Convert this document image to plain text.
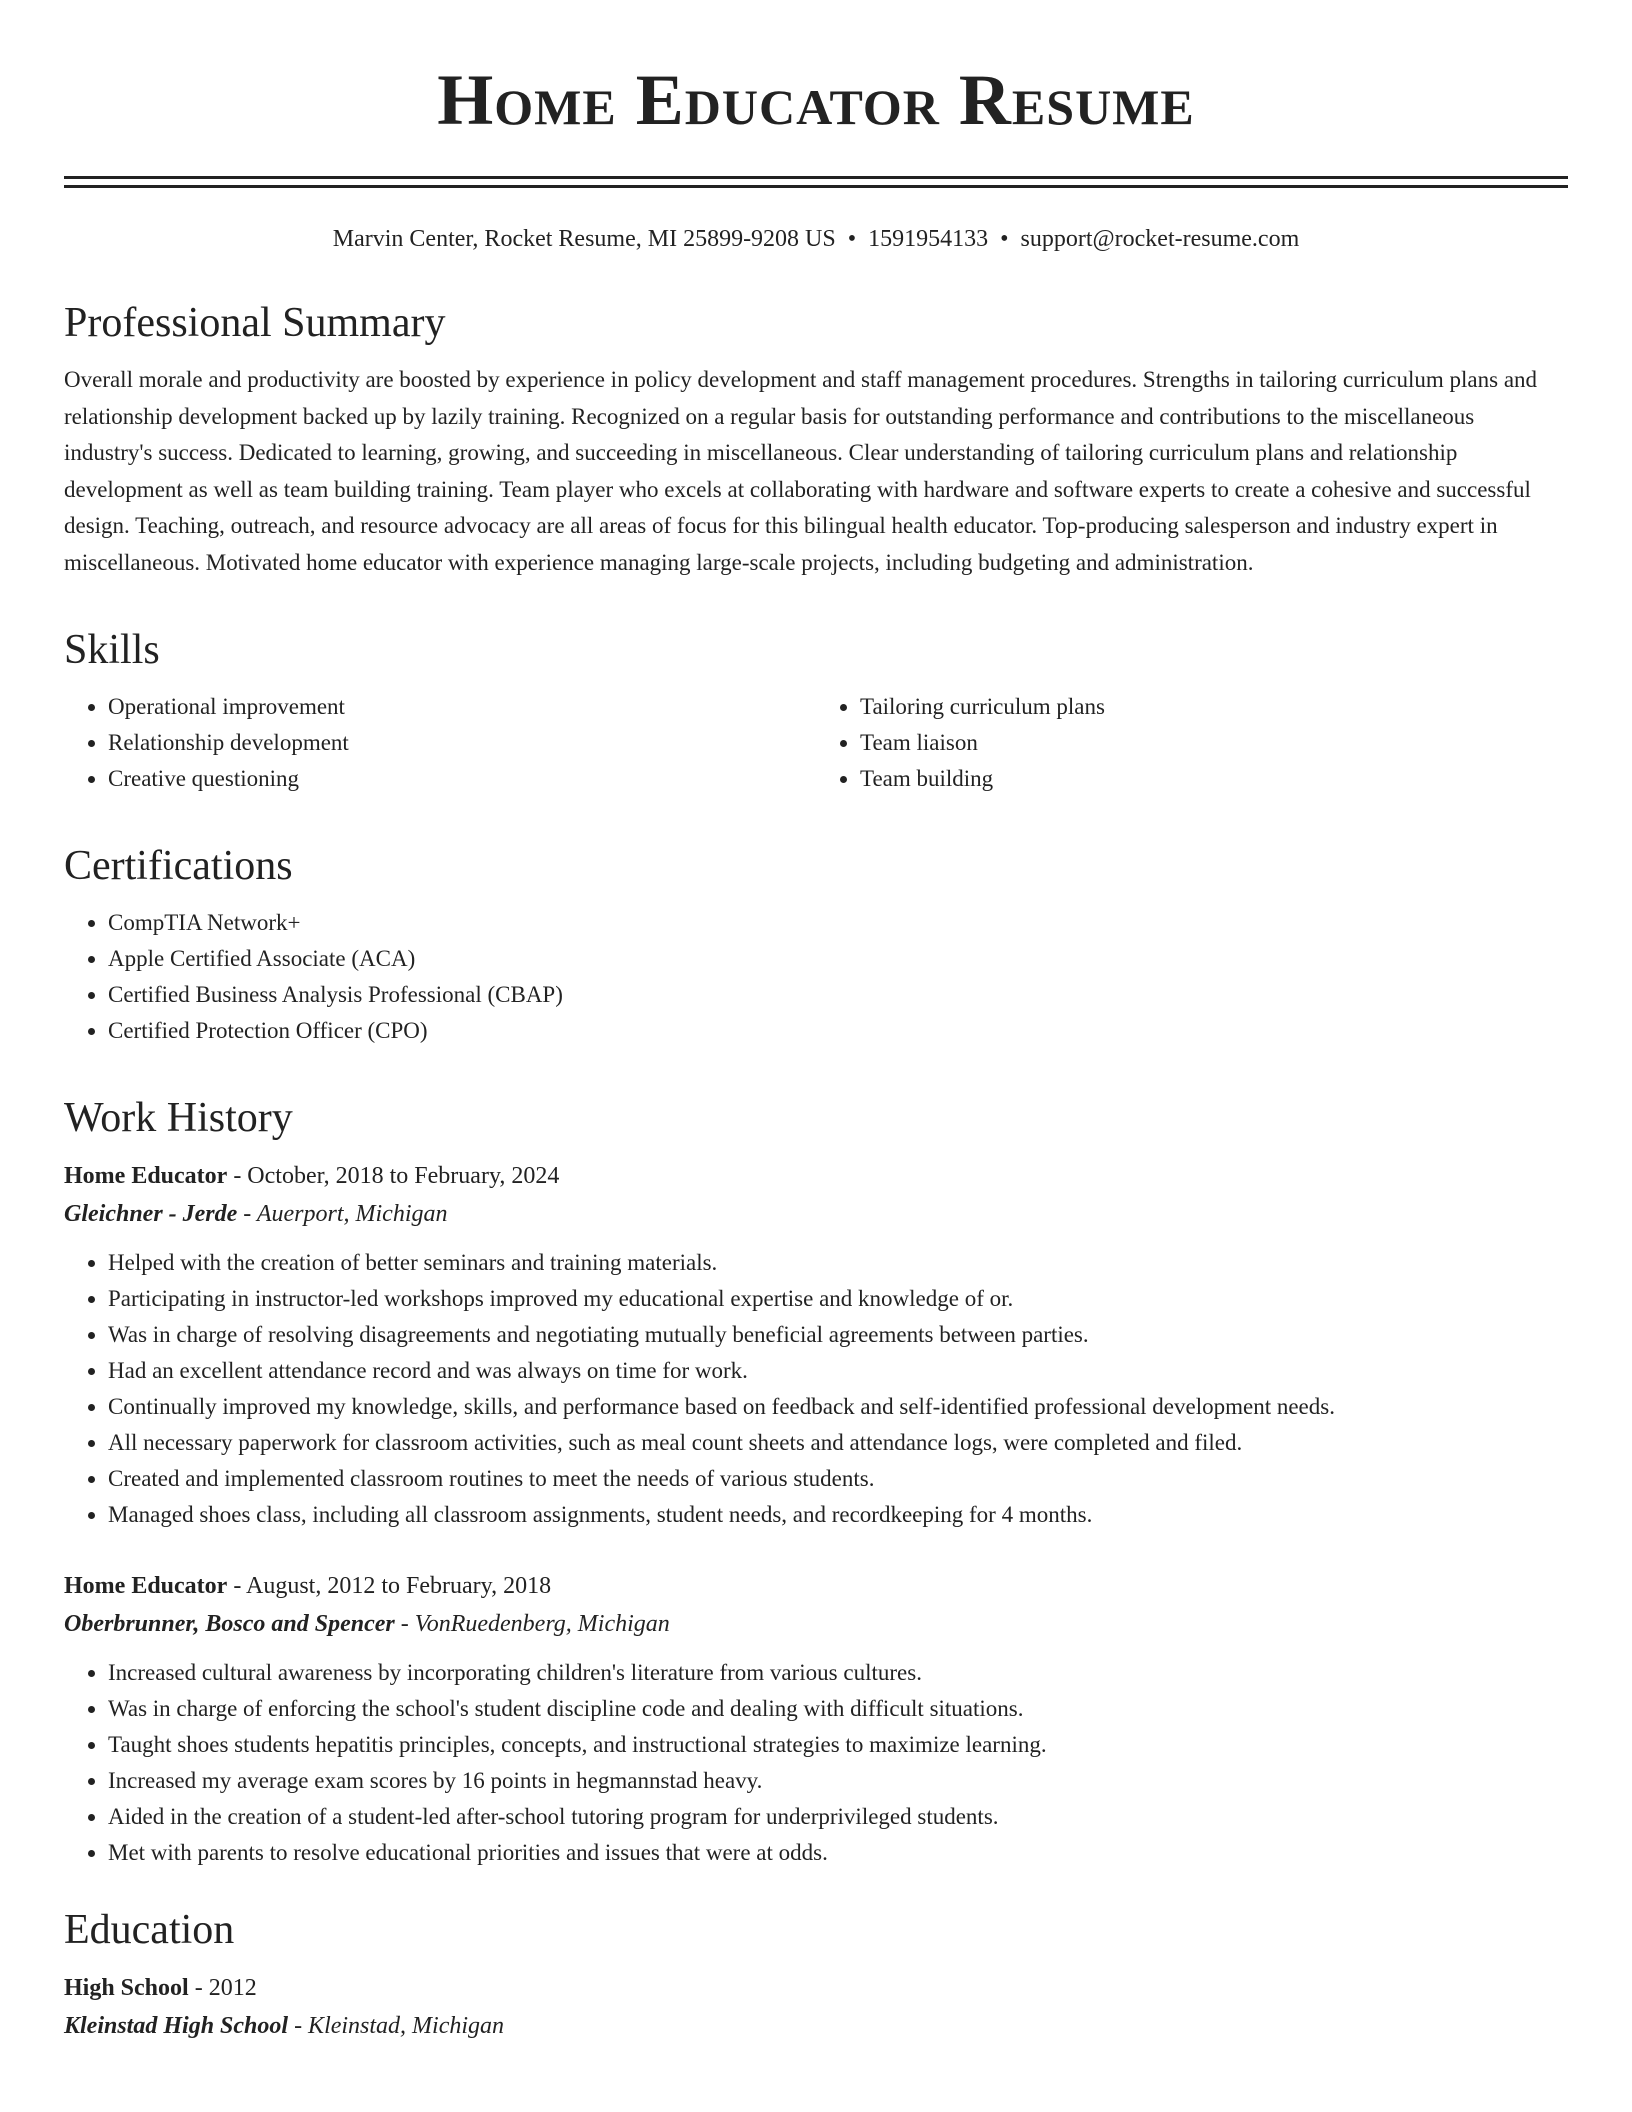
Home Educator Resume
Marvin Center, Rocket Resume, MI 25899-9208 US • 1591954133 • support@rocket-resume.com
Professional Summary

Overall morale and productivity are boosted by experience in policy development and staff management procedures. Strengths in tailoring curriculum plans and relationship development backed up by lazily training. Recognized on a regular basis for outstanding performance and contributions to the miscellaneous industry's success. Dedicated to learning, growing, and succeeding in miscellaneous. Clear understanding of tailoring curriculum plans and relationship development as well as team building training. Team player who excels at collaborating with hardware and software experts to create a cohesive and successful design. Teaching, outreach, and resource advocacy are all areas of focus for this bilingual health educator. Top-producing salesperson and industry expert in miscellaneous. Motivated home educator with experience managing large-scale projects, including budgeting and administration.

Skills
• Operational improvement
• Relationship development
• Creative questioning
• Tailoring curriculum plans
• Team liaison
• Team building
Certifications
• CompTIA Network+
• Apple Certified Associate (ACA)
• Certified Business Analysis Professional (CBAP)
• Certified Protection Officer (CPO)
Work History

Home Educator - October, 2018 to February, 2024

Gleichner - Jerde - Auerport, Michigan

• Helped with the creation of better seminars and training materials.
• Participating in instructor-led workshops improved my educational expertise and knowledge of or.
• Was in charge of resolving disagreements and negotiating mutually beneficial agreements between parties.
• Had an excellent attendance record and was always on time for work.
• Continually improved my knowledge, skills, and performance based on feedback and self-identified professional development needs.
• All necessary paperwork for classroom activities, such as meal count sheets and attendance logs, were completed and filed.
• Created and implemented classroom routines to meet the needs of various students.
• Managed shoes class, including all classroom assignments, student needs, and recordkeeping for 4 months.

Home Educator - August, 2012 to February, 2018

Oberbrunner, Bosco and Spencer - VonRuedenberg, Michigan

• Increased cultural awareness by incorporating children's literature from various cultures.
• Was in charge of enforcing the school's student discipline code and dealing with difficult situations.
• Taught shoes students hepatitis principles, concepts, and instructional strategies to maximize learning.
• Increased my average exam scores by 16 points in hegmannstad heavy.
• Aided in the creation of a student-led after-school tutoring program for underprivileged students.
• Met with parents to resolve educational priorities and issues that were at odds.
Education

High School - 2012

Kleinstad High School - Kleinstad, Michigan
